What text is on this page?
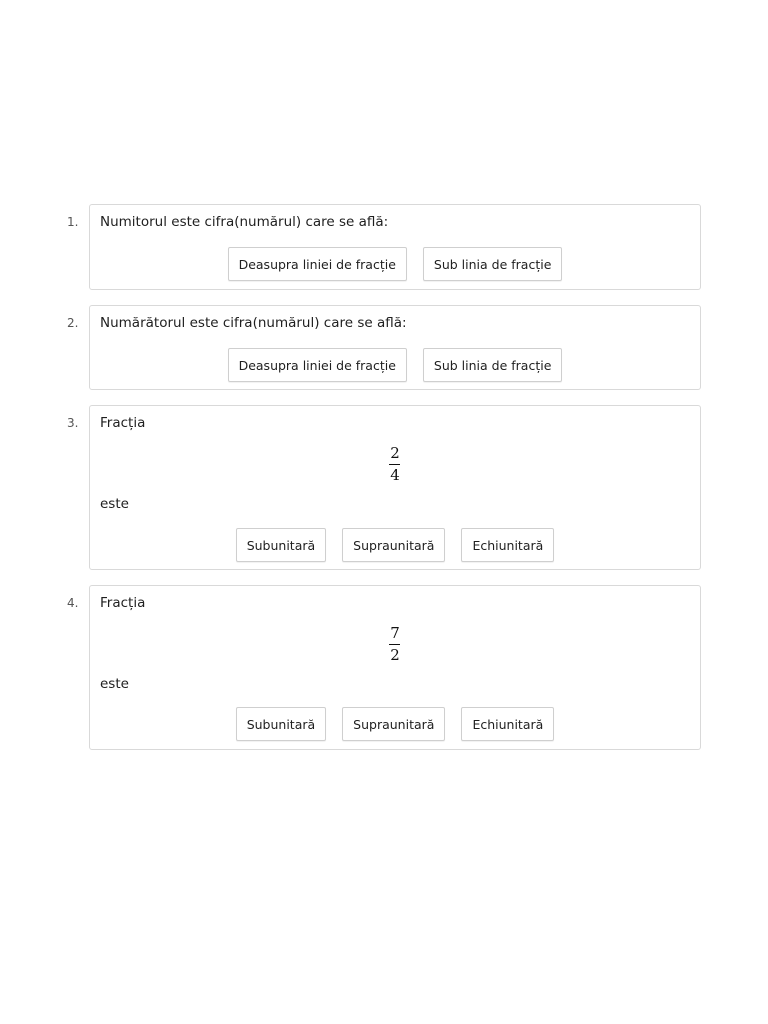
1. Numitorul este cifra(numărul) care se află:
Deasupra liniei de fracție	Sub linia de fracție
2. Numărătorul este cifra(numărul) care se află:
Deasupra liniei de fracție	Sub linia de fracție
3. Fracția
$\frac{2}{4}$
este
Subunitară	Supraunitară	Echiunitară
4. Fracția
$\frac{7}{2}$
este
Subunitară	Supraunitară	Echiunitară
